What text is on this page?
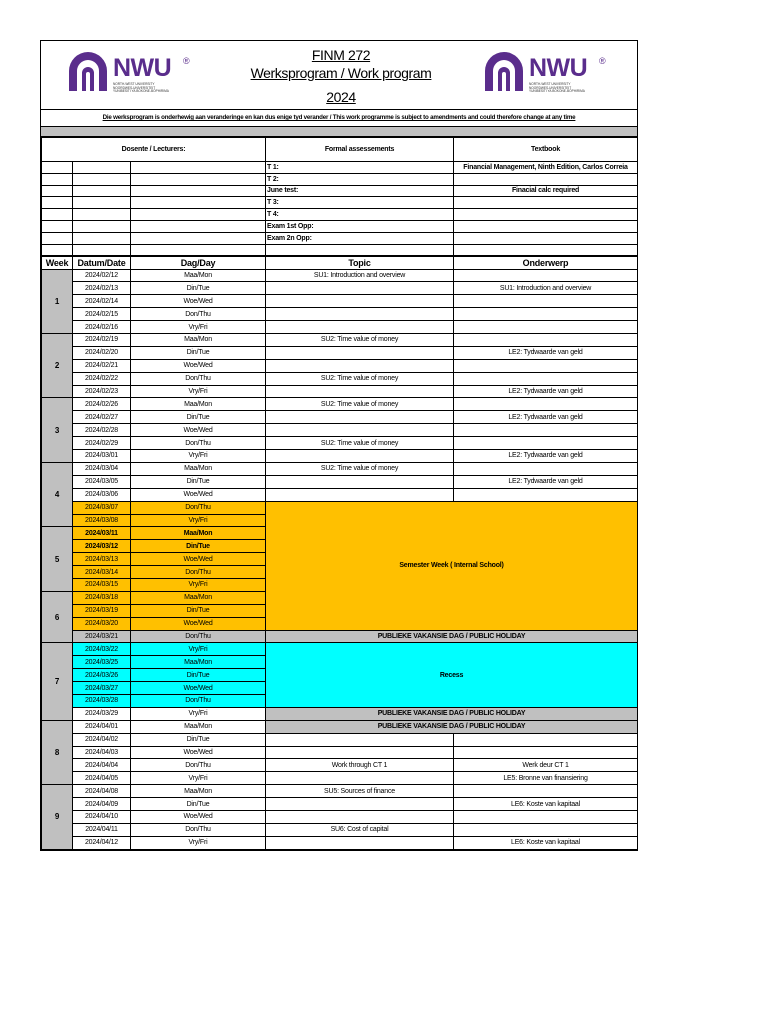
NWU ®
NORTH-WEST UNIVERSITY
NOORDWES-UNIVERSITEIT
YUNIBESITI YA BOKONE-BOPHIRIMA
FINM 272
Werksprogram / Work program
2024
NWU ®
NORTH-WEST UNIVERSITY
NOORDWES-UNIVERSITEIT
YUNIBESITI YA BOKONE-BOPHIRIMA
Die werksprogram is onderhewig aan veranderinge en kan dus enige tyd verander / This work programme is subject to amendments and could therefore change at any time
Dosente / Lecturers:			Formal assessements	Textbook
			T 1:	Financial Management, Ninth Edition, Carlos Correia
			T 2:	
			June test:	Finacial calc required
			T 3:	
			T 4:	
			Exam 1st Opp:	
			Exam 2n Opp:	

Week	Datum/Date	Dag/Day	Topic	Onderwerp
1	2024/02/12	Maa/Mon	SU1: Introduction and overview	
	2024/02/13	Din/Tue		SU1: Introduction and overview
	2024/02/14	Woe/Wed		
	2024/02/15	Don/Thu		
	2024/02/16	Vry/Fri		
2	2024/02/19	Maa/Mon	SU2: Time value of money	
	2024/02/20	Din/Tue		LE2: Tydwaarde van geld
	2024/02/21	Woe/Wed		
	2024/02/22	Don/Thu	SU2: Time value of money	
	2024/02/23	Vry/Fri		LE2: Tydwaarde van geld
3	2024/02/26	Maa/Mon	SU2: Time value of money	
	2024/02/27	Din/Tue		LE2: Tydwaarde van geld
	2024/02/28	Woe/Wed		
	2024/02/29	Don/Thu	SU2: Time value of money	
	2024/03/01	Vry/Fri		LE2: Tydwaarde van geld
4	2024/03/04	Maa/Mon	SU2: Time value of money	
	2024/03/05	Din/Tue		LE2: Tydwaarde van geld
	2024/03/06	Woe/Wed		
	2024/03/07	Don/Thu	Semester Week ( Internal School)	
	2024/03/08	Vry/Fri		
5	2024/03/11	Maa/Mon		
	2024/03/12	Din/Tue		
	2024/03/13	Woe/Wed		
	2024/03/14	Don/Thu		
	2024/03/15	Vry/Fri		
6	2024/03/18	Maa/Mon		
	2024/03/19	Din/Tue		
	2024/03/20	Woe/Wed		
	2024/03/21	Don/Thu	PUBLIEKE VAKANSIE DAG / PUBLIC HOLIDAY	
7	2024/03/22	Vry/Fri	Recess	
	2024/03/25	Maa/Mon		
	2024/03/26	Din/Tue		
	2024/03/27	Woe/Wed		
	2024/03/28	Don/Thu		
	2024/03/29	Vry/Fri	PUBLIEKE VAKANSIE DAG / PUBLIC HOLIDAY	
8	2024/04/01	Maa/Mon	PUBLIEKE VAKANSIE DAG / PUBLIC HOLIDAY	
	2024/04/02	Din/Tue		
	2024/04/03	Woe/Wed		
	2024/04/04	Don/Thu	Work through CT 1	Werk deur CT 1
	2024/04/05	Vry/Fri		LE5: Bronne van finansiering
9	2024/04/08	Maa/Mon	SU5: Sources of finance	
	2024/04/09	Din/Tue		LE6: Koste van kapitaal
	2024/04/10	Woe/Wed		
	2024/04/11	Don/Thu	SU6: Cost of capital	
	2024/04/12	Vry/Fri		LE6: Koste van kapitaal
